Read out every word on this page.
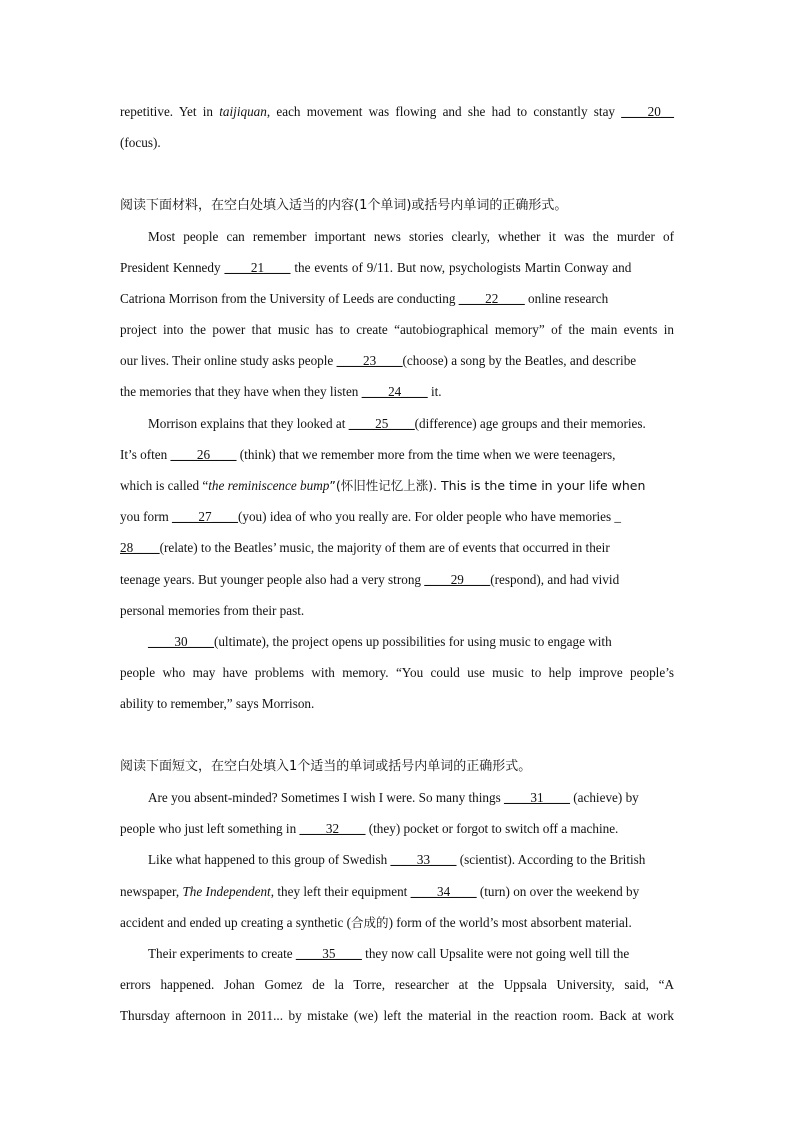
repetitive. Yet in taijiquan, each movement was flowing and she had to constantly stay ____20__
(focus).
阅读下面材料，在空白处填入适当的内容(1个单词)或括号内单词的正确形式。
Most people can remember important news stories clearly, whether it was the murder of
President Kennedy ____21____ the events of 9/11. But now, psychologists Martin Conway and
Catriona Morrison from the University of Leeds are conducting ____22____ online research
project into the power that music has to create “autobiographical memory” of the main events in
our lives. Their online study asks people ____23____(choose) a song by the Beatles, and describe
the memories that they have when they listen ____24____ it.
Morrison explains that they looked at ____25____(difference) age groups and their memories.
It’s often ____26____ (think) that we remember more from the time when we were teenagers,
which is called “the reminiscence bump”(怀旧性记忆上涨). This is the time in your life when
you form ____27____(you) idea of who you really are. For older people who have memories _
28____(relate) to the Beatles’ music, the majority of them are of events that occurred in their
teenage years. But younger people also had a very strong ____29____(respond), and had vivid
personal memories from their past.
____30____(ultimate), the project opens up possibilities for using music to engage with
people who may have problems with memory. “You could use music to help improve people’s
ability to remember,” says Morrison.
阅读下面短文，在空白处填入1个适当的单词或括号内单词的正确形式。
Are you absent-minded? Sometimes I wish I were. So many things ____31____ (achieve) by
people who just left something in ____32____ (they) pocket or forgot to switch off a machine.
Like what happened to this group of Swedish ____33____ (scientist). According to the British
newspaper, The Independent, they left their equipment ____34____ (turn) on over the weekend by
accident and ended up creating a synthetic (合成的) form of the world’s most absorbent material.
Their experiments to create ____35____ they now call Upsalite were not going well till the
errors happened. Johan Gomez de la Torre, researcher at the Uppsala University, said, “A
Thursday afternoon in 2011... by mistake (we) left the material in the reaction room. Back at work
